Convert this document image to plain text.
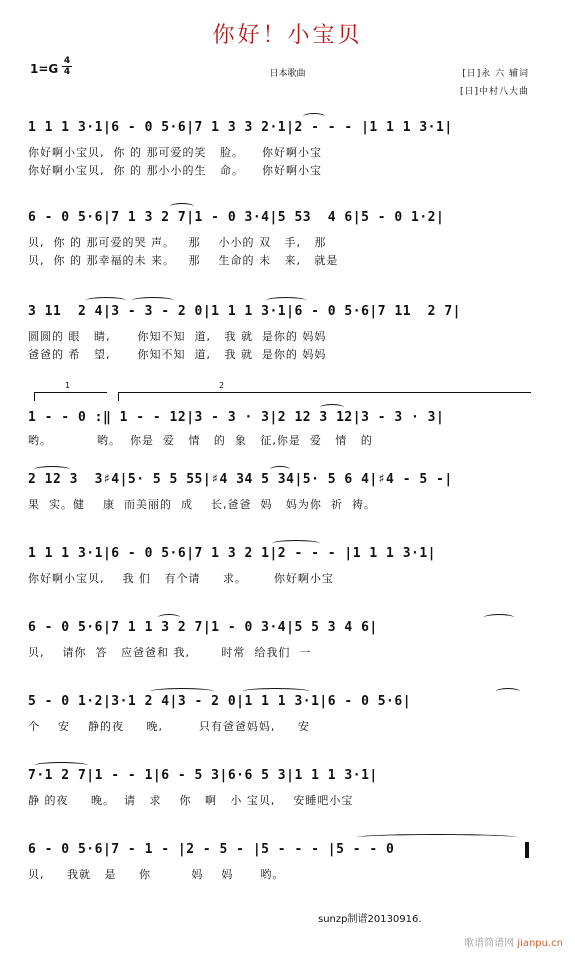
你好！小宝贝
1=G
4
4	日本歌曲	[日]永 六 辅词
[日]中村八大曲
1 1 1 3·1|6 - 0 5·6|7 1 3 3 2·1|2 - - - |1 1 1 3·1|
你好啊小宝贝,  你 的 那可爱的笑   脸。    你好啊小宝
你好啊小宝贝,  你 的 那小小的生   命。    你好啊小宝
6 - 0 5·6|7 1 3 2 7|1 - 0 3·4|5 53  4 6|5 - 0 1·2|
贝,  你 的 那可爱的哭 声。   那    小小的 双   手,   那
贝,  你 的 那幸福的未 来。   那    生命的 未   来,   就是
3 11  2 4|3 - 3 - 2 0|1 1 1 3·1|6 - 0 5·6|7 11  2 7|
圆圆的 眼   睛,      你知不知  道,   我 就  是你的 妈妈
爸爸的 希   望,      你知不知  道,   我 就  是你的 妈妈
1	2
1 - - 0 :‖ 1 - - 12|3 - 3 · 3|2 12 3 12|3 - 3 · 3|
哟。          哟。  你是  爱   情   的  象   征,你是  爱   情   的
2 12 3  3♯4|5· 5 5 55|♯4 34 5 34|5· 5 6 4|♯4 - 5 -|
果  实。健    康  而美丽的  成    长,爸爸  妈   妈为你  祈  祷。
1 1 1 3·1|6 - 0 5·6|7 1 3 2 1|2 - - - |1 1 1 3·1|
你好啊小宝贝,    我 们   有个请     求。      你好啊小宝
6 - 0 5·6|7 1 1 3 2 7|1 - 0 3·4|5 5 3 4 6|
贝,    请你  答   应爸爸和 我,       时常  给我们  一
5 - 0 1·2|3·1 2 4|3 - 2 0|1 1 1 3·1|6 - 0 5·6|
个    安    静的夜     晚,        只有爸爸妈妈,     安
7·1 2 7|1 - - 1|6 - 5 3|6·6 5 3|1 1 1 3·1|
静 的夜     晚。  请   求    你   啊   小 宝贝,    安睡吧小宝
6 - 0 5·6|7 - 1 - |2 - 5 - |5 - - - |5 - - 0
贝,     我就   是     你         妈    妈      哟。
sunzp制谱20130916.
歌谱简谱网 jianpu.cn
